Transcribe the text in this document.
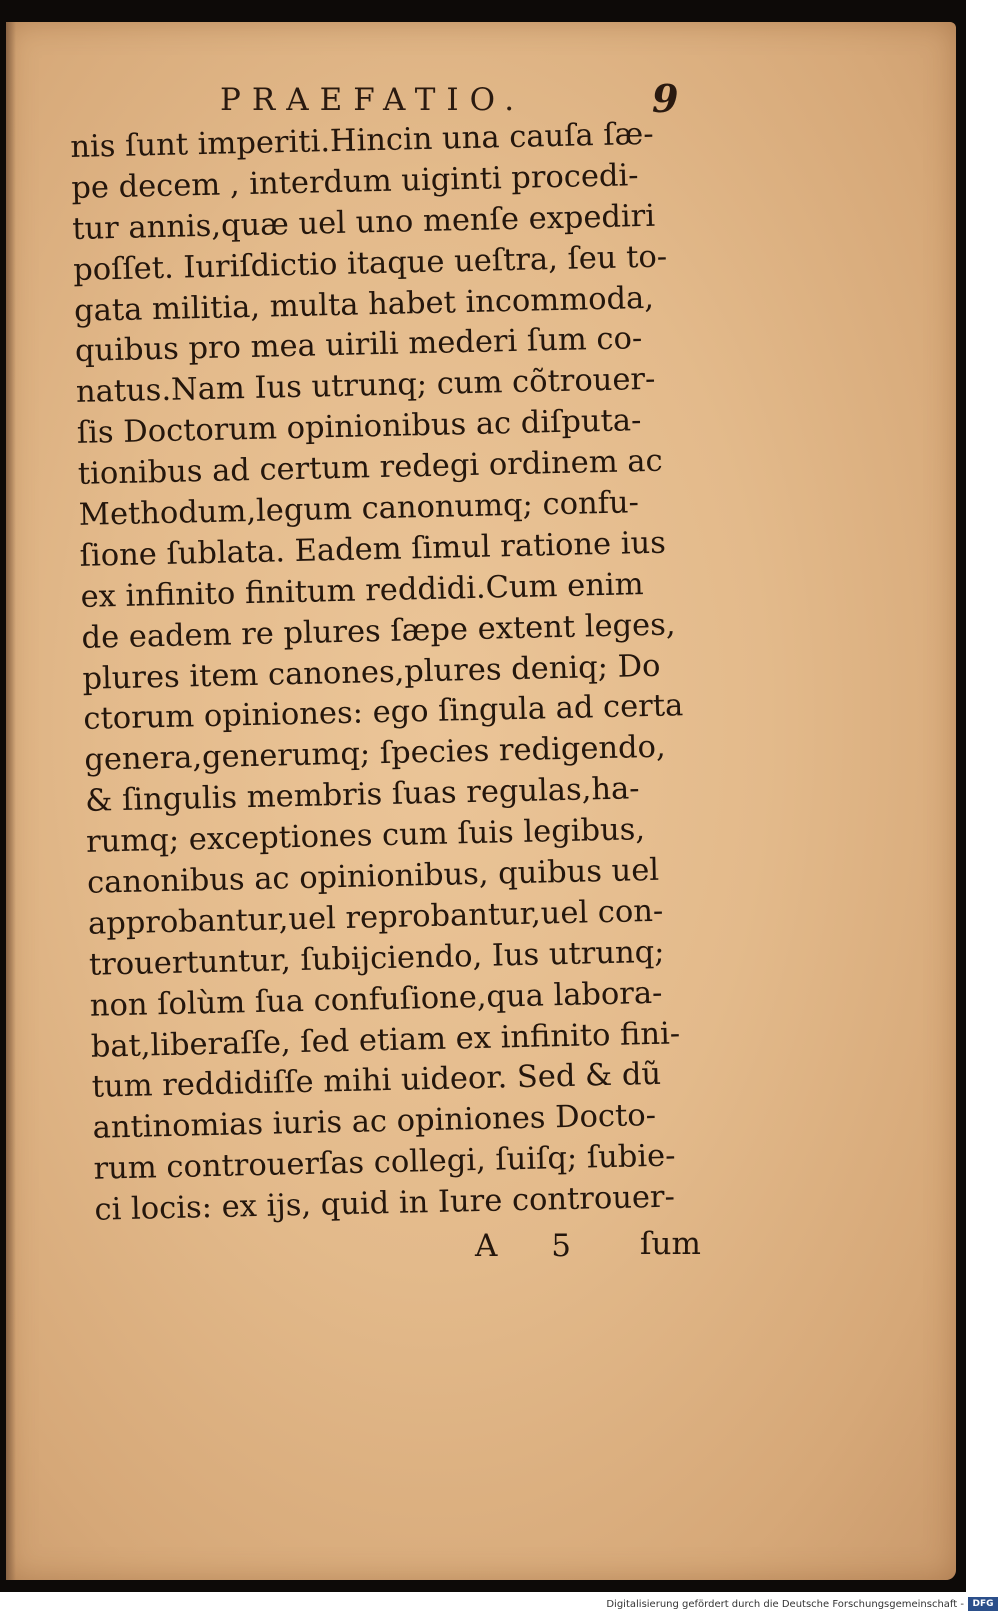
PRAEFATIO.	9
nis ſunt imperiti.Hincin una cauſa ſæ-
pe decem , interdum uiginti procedi-
tur annis,quæ uel uno menſe expediri
poſſet. Iuriſdictio itaque ueſtra, ſeu to-
gata militia, multa habet incommoda,
quibus pro mea uirili mederi ſum co-
natus.Nam Ius utrunq; cum cõtrouer-
ſis Doctorum opinionibus ac diſputa-
tionibus ad certum redegi ordinem ac
Methodum,legum canonumq; confu-
ſione ſublata. Eadem ſimul ratione ius
ex infinito finitum reddidi.Cum enim
de eadem re plures ſæpe extent leges,
plures item canones,plures deniq; Do
ctorum opiniones: ego ſingula ad certa
genera,generumq; ſpecies redigendo,
& ſingulis membris ſuas regulas,ha-
rumq; exceptiones cum ſuis legibus,
canonibus ac opinionibus, quibus uel
approbantur,uel reprobantur,uel con-
trouertuntur, ſubijciendo, Ius utrunq;
non ſolùm ſua confuſione,qua labora-
bat,liberaſſe, ſed etiam ex infinito fini-
tum reddidiſſe mihi uideor. Sed & dũ
antinomias iuris ac opiniones Docto-
rum controuerſas collegi, ſuiſq; ſubie-
ci locis: ex ijs, quid in Iure controuer-
A 5 ſum
Digitalisierung gefördert durch die Deutsche Forschungsgemeinschaft - DFG
